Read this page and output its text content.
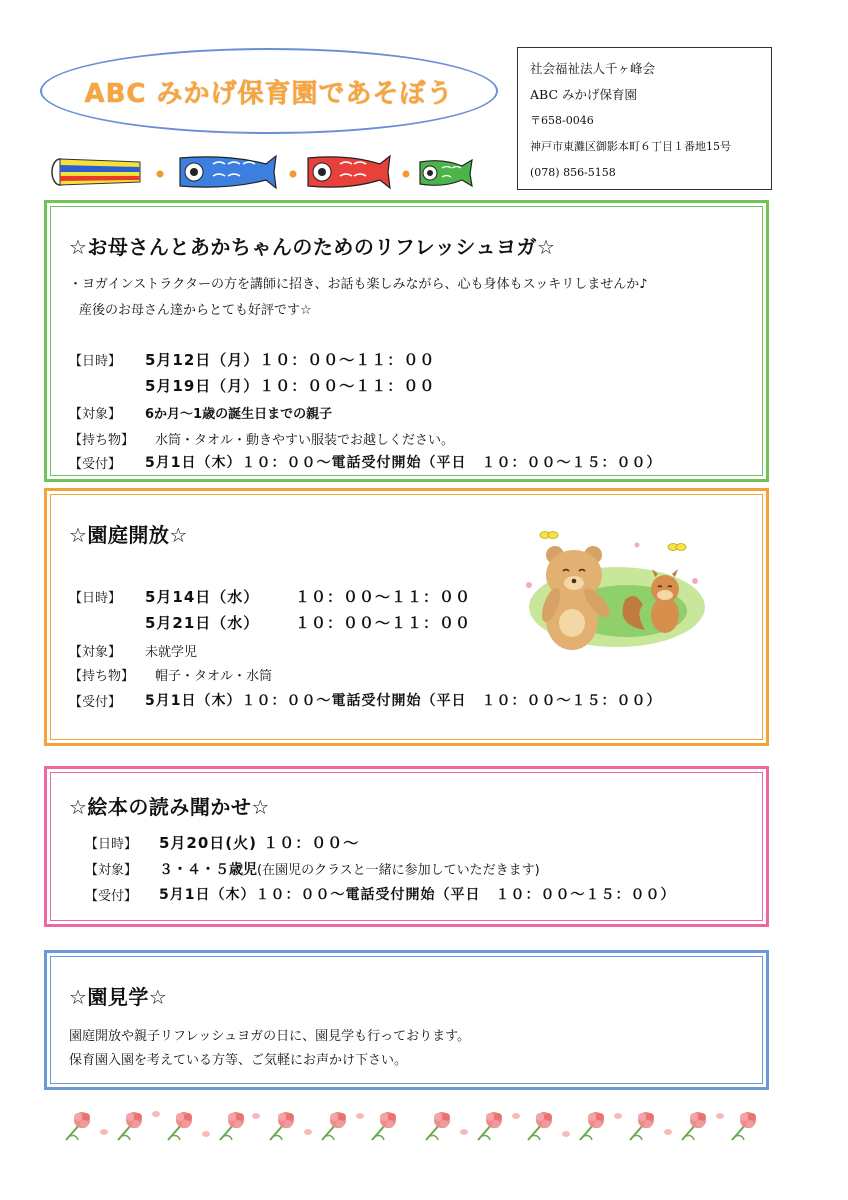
ABC みかげ保育園であそぼう
社会福祉法人千ヶ峰会
ABC みかげ保育園
〒658-0046
神戸市東灘区御影本町６丁目１番地15号
(078) 856-5158
☆お母さんとあかちゃんのためのリフレッシュヨガ☆
・ヨガインストラクターの方を講師に招き、お話も楽しみながら、心も身体もスッキリしませんか♪
産後のお母さん達からとても好評です☆
【日時】 5月12日（月）１０：００～１１：００
5月19日（月）１０：００～１１：００
【対象】 6か月～1歳の誕生日までの親子
【持ち物】 水筒・タオル・動きやすい服装でお越しください。
【受付】 5月1日（木）１０：００～電話受付開始（平日　１０：００～１５：００）
☆園庭開放☆
【日時】 5月14日（水） １０：００～１１：００
5月21日（水） １０：００～１１：００
【対象】 未就学児
【持ち物】 帽子・タオル・水筒
【受付】 5月1日（木）１０：００～電話受付開始（平日　１０：００～１５：００）
☆絵本の読み聞かせ☆
【日時】 5月20日(火) １０：００～
【対象】 ３・４・５歳児(在園児のクラスと一緒に参加していただきます)
【受付】 5月1日（木）１０：００～電話受付開始（平日　１０：００～１５：００）
☆園見学☆
園庭開放や親子リフレッシュヨガの日に、園見学も行っております。
保育園入園を考えている方等、ご気軽にお声かけ下さい。
